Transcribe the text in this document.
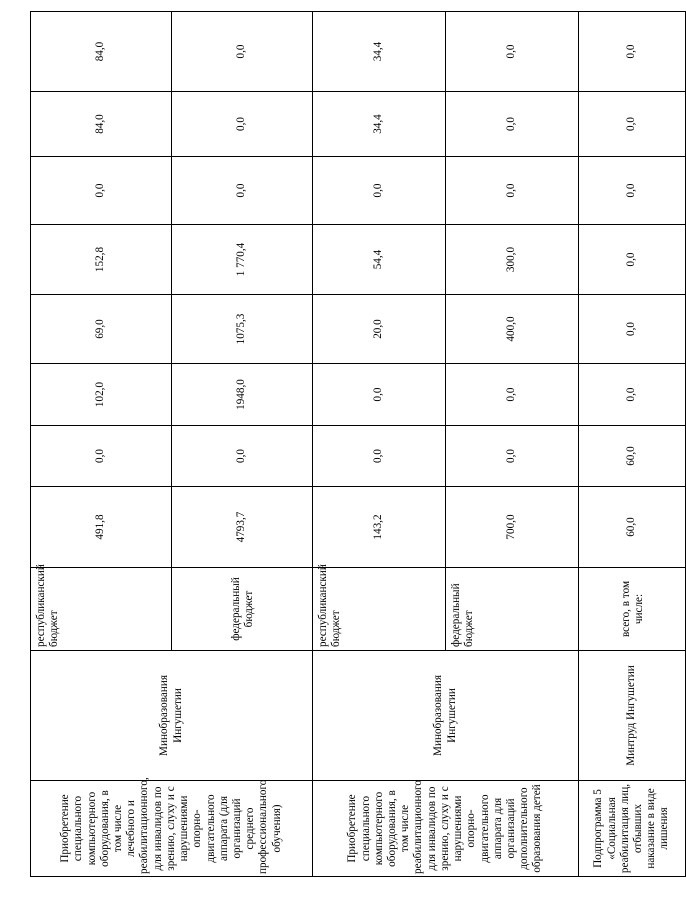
Приобретение специального компьютерного оборудования, в том числе лечебного и реабилитационного, для инвалидов по зрению, слуху и с нарушениями опорно-двигательного аппарата (для организаций среднего профессионального обучения)	Минобразования Ингушетии	республиканский бюджет	491,8	0,0	102,0	69,0	152,8	0,0	84,0	84,0
		федеральный бюджет	4793,7	0,0	1948,0	1075,3	1 770,4	0,0	0,0	0,0
Приобретение специального компьютерного оборудования, в том числе реабилитационного для инвалидов по зрению, слуху и с нарушениями опорно-двигательного аппарата для организаций дополнительного образования детей	Минобразования Ингушетии	республиканский бюджет	143,2	0,0	0,0	20,0	54,4	0,0	34,4	34,4
		федеральный бюджет	700,0	0,0	0,0	400,0	300,0	0,0	0,0	0,0
Подпрограмма 5 «Социальная реабилитация лиц, отбывших наказание в виде лишения	Минтруд Ингушетии	всего, в том числе:	60,0	60,0	0,0	0,0	0,0	0,0	0,0	0,0
